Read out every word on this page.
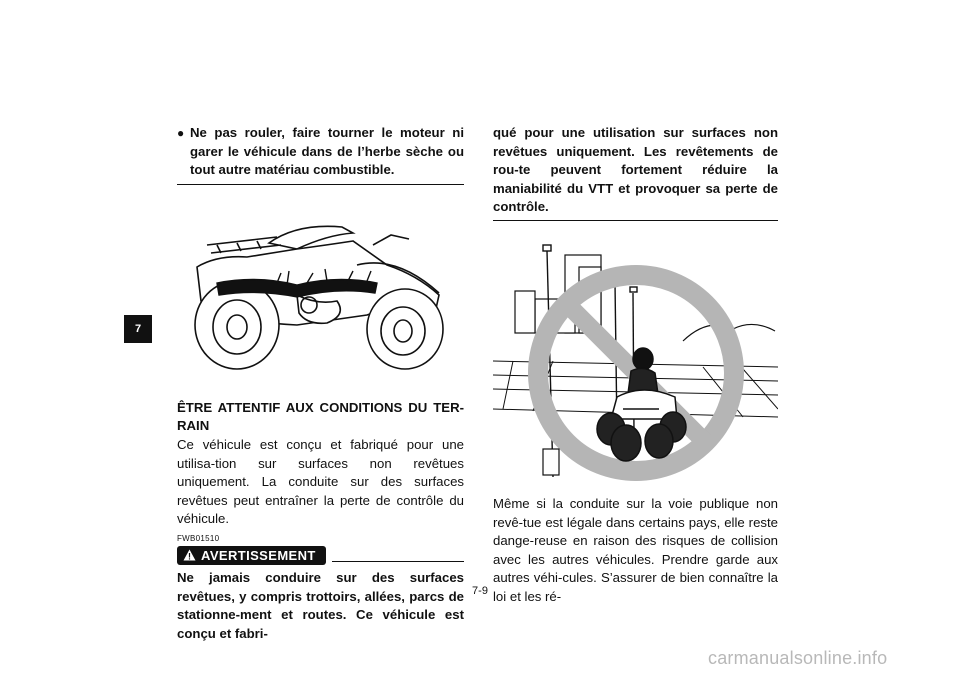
7
● Ne pas rouler, faire tourner le moteur ni garer le véhicule dans de l’herbe sèche ou tout autre matériau combustible.
ÊTRE ATTENTIF AUX CONDITIONS DU TER-RAIN
Ce véhicule est conçu et fabriqué pour une utilisa-tion sur surfaces non revêtues uniquement. La conduite sur des surfaces revêtues peut entraîner la perte de contrôle du véhicule.
FWB01510
AVERTISSEMENT
Ne jamais conduire sur des surfaces revêtues, y compris trottoirs, allées, parcs de stationne-ment et routes. Ce véhicule est conçu et fabri-
qué pour une utilisation sur surfaces non revêtues uniquement. Les revêtements de rou-te peuvent fortement réduire la maniabilité du VTT et provoquer sa perte de contrôle.
Même si la conduite sur la voie publique non revê-tue est légale dans certains pays, elle reste dange-reuse en raison des risques de collision avec les autres véhicules. Prendre garde aux autres véhi-cules. S’assurer de bien connaître la loi et les ré-
7-9
carmanualsonline.info
